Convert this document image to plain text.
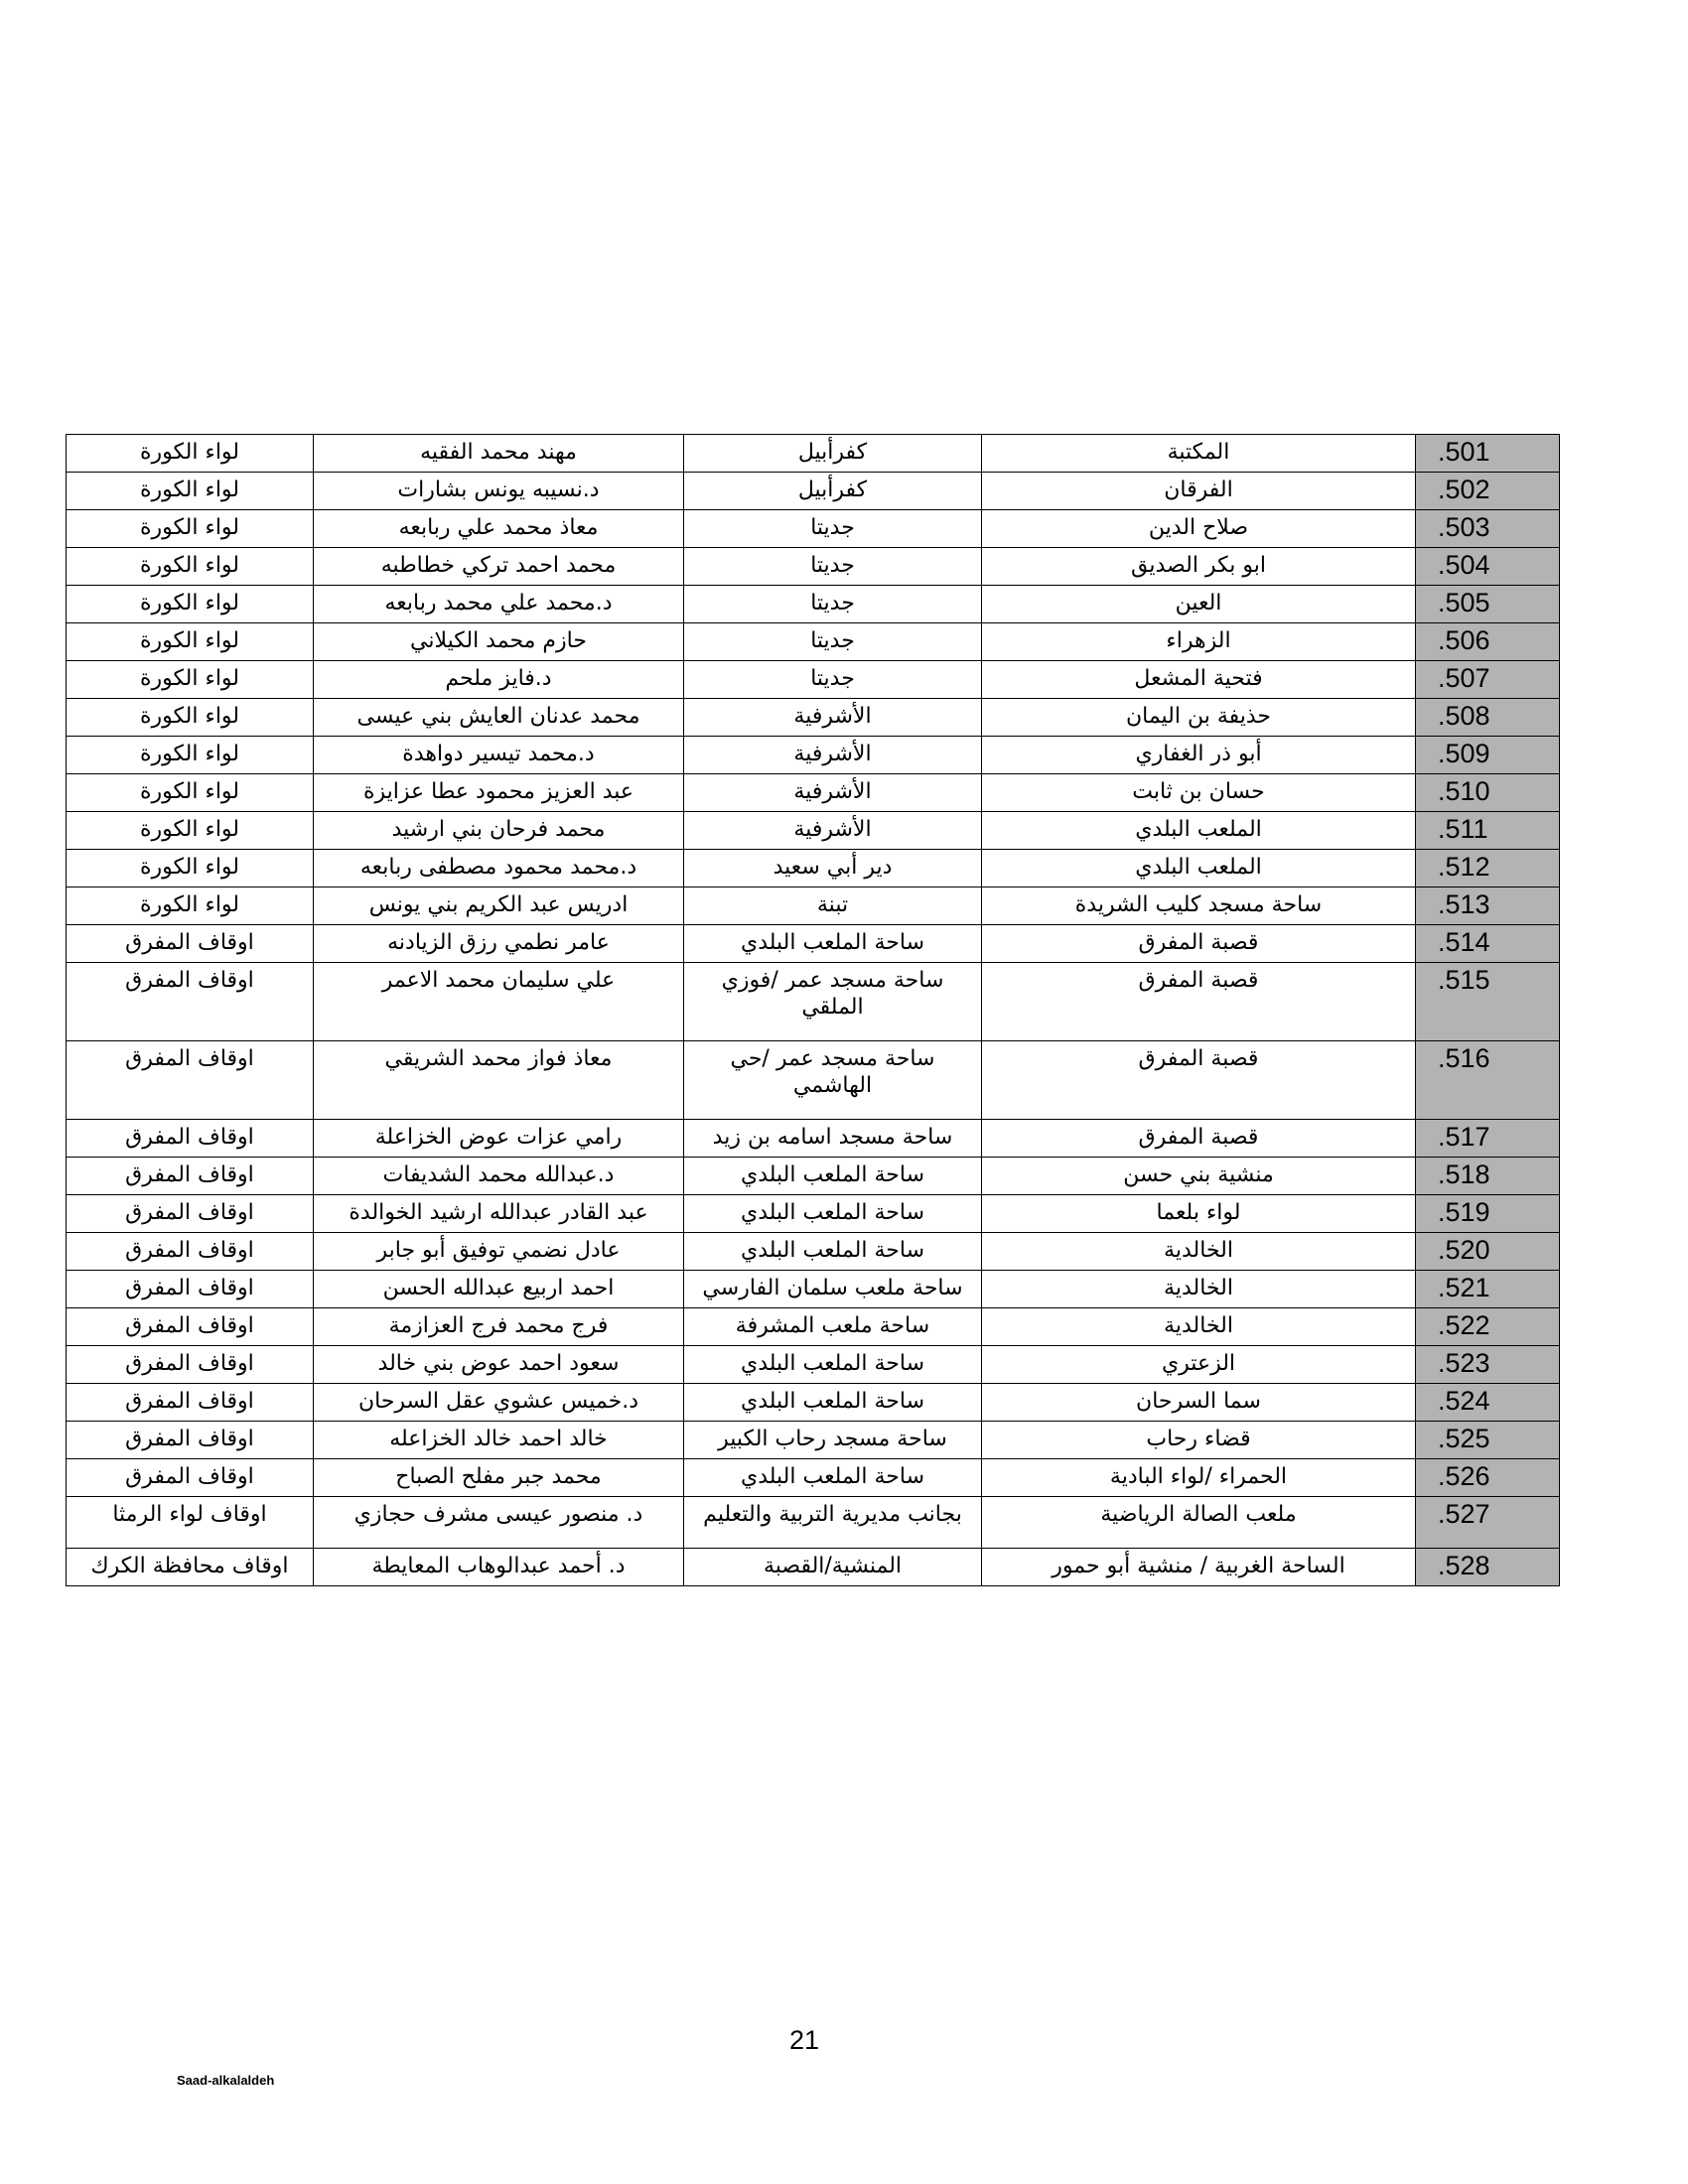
لواء الكورة	مهند محمد الفقيه	كفرأبيل	المكتبة	.501
لواء الكورة	د.نسيبه يونس بشارات	كفرأبيل	الفرقان	.502
لواء الكورة	معاذ محمد علي ربابعه	جديتا	صلاح الدين	.503
لواء الكورة	محمد احمد تركي خطاطبه	جديتا	ابو بكر الصديق	.504
لواء الكورة	د.محمد علي محمد ربابعه	جديتا	العين	.505
لواء الكورة	حازم محمد الكيلاني	جديتا	الزهراء	.506
لواء الكورة	د.فايز ملحم	جديتا	فتحية المشعل	.507
لواء الكورة	محمد عدنان العايش بني عيسى	الأشرفية	حذيفة بن اليمان	.508
لواء الكورة	د.محمد تيسير دواهدة	الأشرفية	أبو ذر الغفاري	.509
لواء الكورة	عبد العزيز محمود عطا عزايزة	الأشرفية	حسان بن ثابت	.510
لواء الكورة	محمد فرحان بني ارشيد	الأشرفية	الملعب البلدي	.511
لواء الكورة	د.محمد محمود مصطفى ربابعه	دير أبي سعيد	الملعب البلدي	.512
لواء الكورة	ادريس عبد الكريم بني يونس	تبنة	ساحة مسجد كليب الشريدة	.513
اوقاف المفرق	عامر نطمي رزق الزيادنه	ساحة الملعب البلدي	قصبة المفرق	.514
اوقاف المفرق	علي سليمان محمد الاعمر	ساحة مسجد عمر /فوزي الملقي	قصبة المفرق	.515
اوقاف المفرق	معاذ فواز محمد الشريقي	ساحة مسجد عمر /حي الهاشمي	قصبة المفرق	.516
اوقاف المفرق	رامي عزات عوض الخزاعلة	ساحة مسجد اسامه بن زيد	قصبة المفرق	.517
اوقاف المفرق	د.عبدالله محمد الشديفات	ساحة الملعب البلدي	منشية بني حسن	.518
اوقاف المفرق	عبد القادر عبدالله ارشيد الخوالدة	ساحة الملعب البلدي	لواء بلعما	.519
اوقاف المفرق	عادل نضمي توفيق أبو جابر	ساحة الملعب البلدي	الخالدية	.520
اوقاف المفرق	احمد اربيع عبدالله الحسن	ساحة ملعب سلمان الفارسي	الخالدية	.521
اوقاف المفرق	فرج محمد فرج العزازمة	ساحة ملعب المشرفة	الخالدية	.522
اوقاف المفرق	سعود احمد عوض بني خالد	ساحة الملعب البلدي	الزعتري	.523
اوقاف المفرق	د.خميس عشوي عقل السرحان	ساحة الملعب البلدي	سما السرحان	.524
اوقاف المفرق	خالد احمد خالد الخزاعله	ساحة مسجد رحاب الكبير	قضاء رحاب	.525
اوقاف المفرق	محمد جبر مفلح الصباح	ساحة الملعب البلدي	الحمراء /لواء البادية	.526
اوقاف لواء الرمثا	د. منصور عيسى مشرف حجازي	بجانب مديرية التربية والتعليم	ملعب الصالة الرياضية	.527
اوقاف محافظة الكرك	د. أحمد عبدالوهاب المعايطة	المنشية/القصبة	الساحة الغربية / منشية أبو حمور	.528
21
Saad-alkalaldeh
